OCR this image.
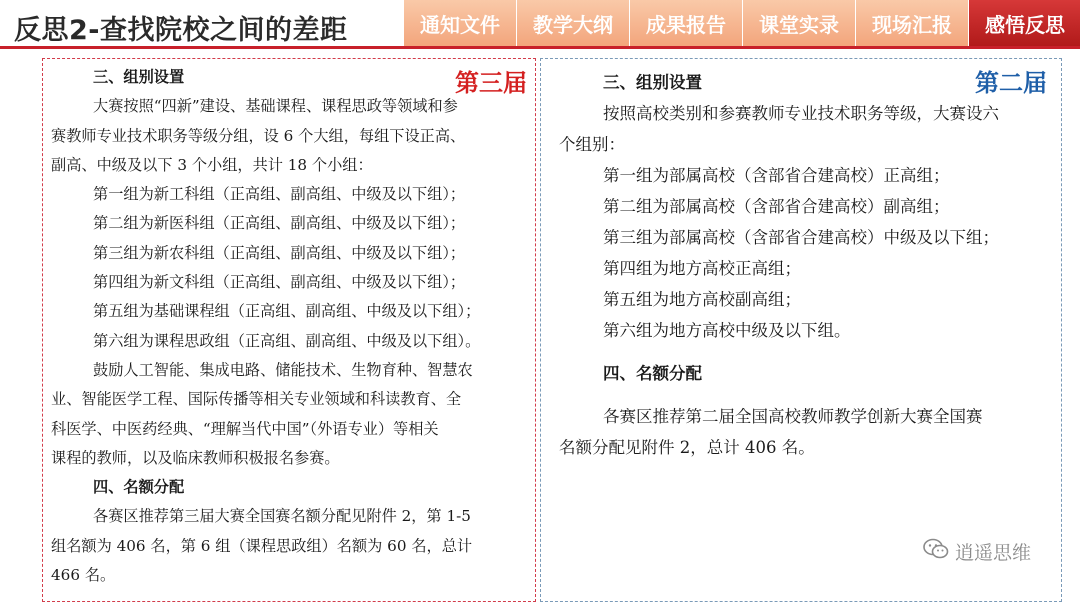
反思2-查找院校之间的差距	通知文件	教学大纲	成果报告	课堂实录	现场汇报	感悟反思
第三届
三、组别设置
大赛按照“四新”建设、基础课程、课程思政等领域和参
赛教师专业技术职务等级分组，设 6 个大组，每组下设正高、
副高、中级及以下 3 个小组，共计 18 个小组：
第一组为新工科组（正高组、副高组、中级及以下组）；
第二组为新医科组（正高组、副高组、中级及以下组）；
第三组为新农科组（正高组、副高组、中级及以下组）；
第四组为新文科组（正高组、副高组、中级及以下组）；
第五组为基础课程组（正高组、副高组、中级及以下组）；
第六组为课程思政组（正高组、副高组、中级及以下组）。
鼓励人工智能、集成电路、储能技术、生物育种、智慧农
业、智能医学工程、国际传播等相关专业领域和科读教育、全
科医学、中医药经典、“理解当代中国”（外语专业）等相关
课程的教师，以及临床教师积极报名参赛。
四、名额分配
各赛区推荐第三届大赛全国赛名额分配见附件 2，第 1-5
组名额为 406 名，第 6 组（课程思政组）名额为 60 名，总计
466 名。
第二届
三、组别设置
按照高校类别和参赛教师专业技术职务等级，大赛设六
个组别：
第一组为部属高校（含部省合建高校）正高组；
第二组为部属高校（含部省合建高校）副高组；
第三组为部属高校（含部省合建高校）中级及以下组；
第四组为地方高校正高组；
第五组为地方高校副高组；
第六组为地方高校中级及以下组。
四、名额分配
各赛区推荐第二届全国高校教师教学创新大赛全国赛
名额分配见附件 2，总计 406 名。
逍遥思维
